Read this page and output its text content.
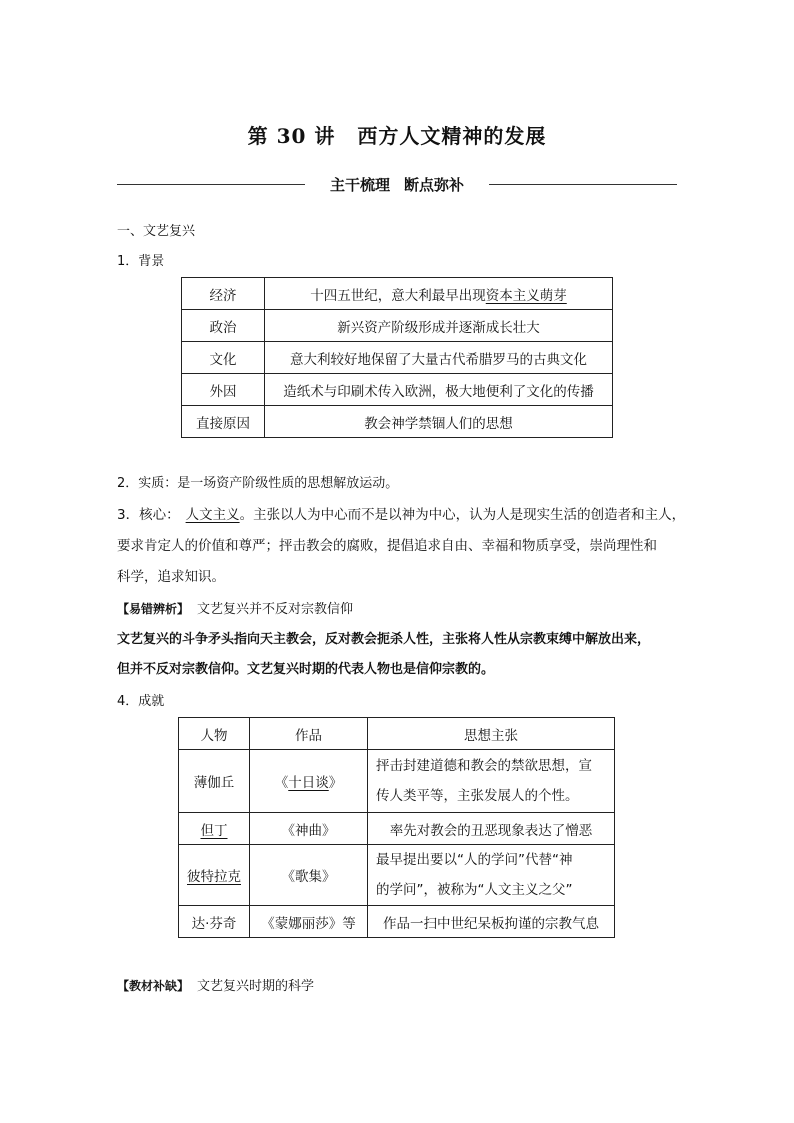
第 30 讲 西方人文精神的发展
主干梳理 断点弥补
一、文艺复兴
1．背景
经济	十四五世纪，意大利最早出现资本主义萌芽
政治	新兴资产阶级形成并逐渐成长壮大
文化	意大利较好地保留了大量古代希腊罗马的古典文化
外因	造纸术与印刷术传入欧洲，极大地便利了文化的传播
直接原因	教会神学禁锢人们的思想
2．实质：是一场资产阶级性质的思想解放运动。
3．核心： 人文主义。主张以人为中心而不是以神为中心，认为人是现实生活的创造者和主人，
要求肯定人的价值和尊严；抨击教会的腐败，提倡追求自由、幸福和物质享受，崇尚理性和
科学，追求知识。
【易错辨析】 文艺复兴并不反对宗教信仰
文艺复兴的斗争矛头指向天主教会，反对教会扼杀人性，主张将人性从宗教束缚中解放出来，
但并不反对宗教信仰。文艺复兴时期的代表人物也是信仰宗教的。
4．成就
人物	作品	思想主张
薄伽丘	《十日谈》	抨击封建道德和教会的禁欲思想，宣
传人类平等，主张发展人的个性。

但丁	《神曲》	率先对教会的丑恶现象表达了憎恶
彼特拉克	《歌集》	最早提出要以“人的学问”代替“神
的学问”，被称为“人文主义之父”

达·芬奇	《蒙娜丽莎》等	作品一扫中世纪呆板拘谨的宗教气息
【教材补缺】 文艺复兴时期的科学
